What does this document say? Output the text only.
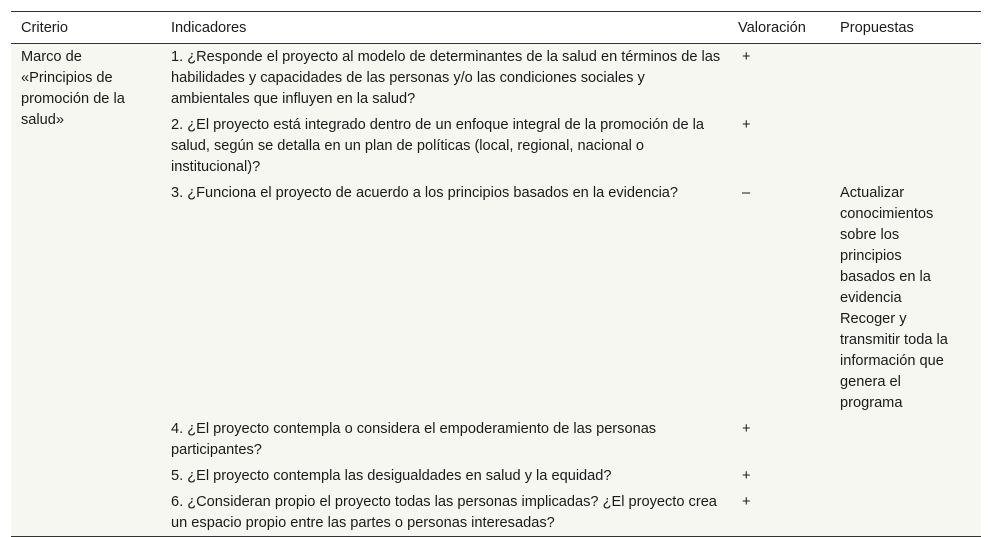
Criterio	Indicadores	Valoración	Propuestas
Marco de «Principios de promoción de la salud»	1. ¿Responde el proyecto al modelo de determinantes de la salud en términos de las habilidades y capacidades de las personas y/o las condiciones sociales y ambientales que influyen en la salud?	+	
	2. ¿El proyecto está integrado dentro de un enfoque integral de la promoción de la salud, según se detalla en un plan de políticas (local, regional, nacional o institucional)?	+	
	3. ¿Funciona el proyecto de acuerdo a los principios basados en la evidencia?	–	Actualizar conocimientos sobre los principios basados en la evidencia Recoger y transmitir toda la información que genera el programa
	4. ¿El proyecto contempla o considera el empoderamiento de las personas participantes?	+	
	5. ¿El proyecto contempla las desigualdades en salud y la equidad?	+	
	6. ¿Consideran propio el proyecto todas las personas implicadas? ¿El proyecto crea un espacio propio entre las partes o personas interesadas?	+	
